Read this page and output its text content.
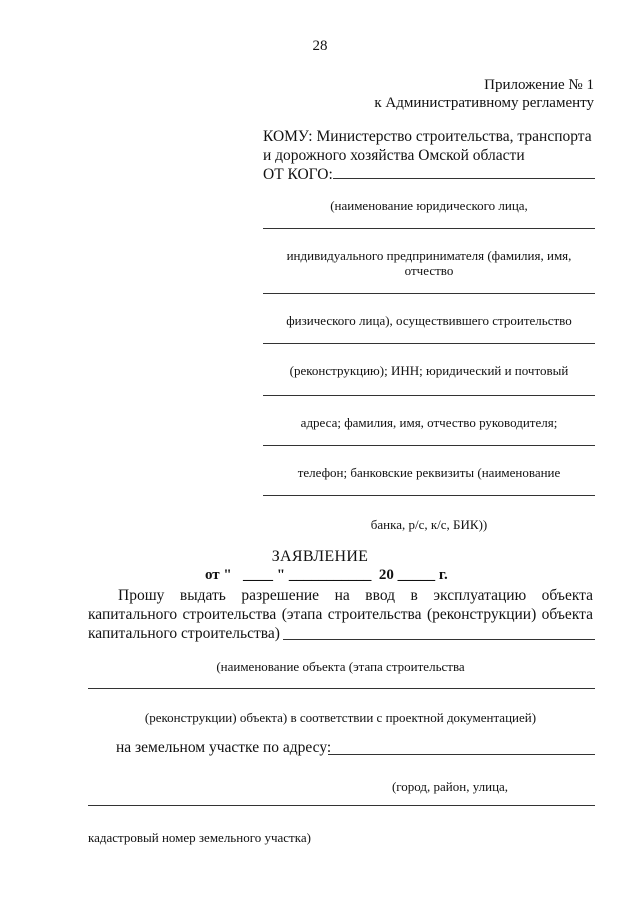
28
Приложение № 1
к Административному регламенту
КОМУ: Министерство строительства, транспорта
и дорожного хозяйства Омской области
ОТ КОГО:
(наименование юридического лица,
индивидуального предпринимателя (фамилия, имя,
отчество
физического лица), осуществившего строительство
(реконструкцию); ИНН; юридический и почтовый
адреса; фамилия, имя, отчество руководителя;
телефон; банковские реквизиты (наименование
банка, р/с, к/с, БИК))
ЗАЯВЛЕНИЕ
от "   ____ " ___________  20 _____ г.
Прошу выдать разрешение на ввод в эксплуатацию объекта
капитального строительства (этапа строительства (реконструкции) объекта
капитального строительства)
(наименование объекта (этапа строительства
(реконструкции) объекта) в соответствии с проектной документацией)
на земельном участке по адресу:
(город, район, улица,
кадастровый номер земельного участка)
